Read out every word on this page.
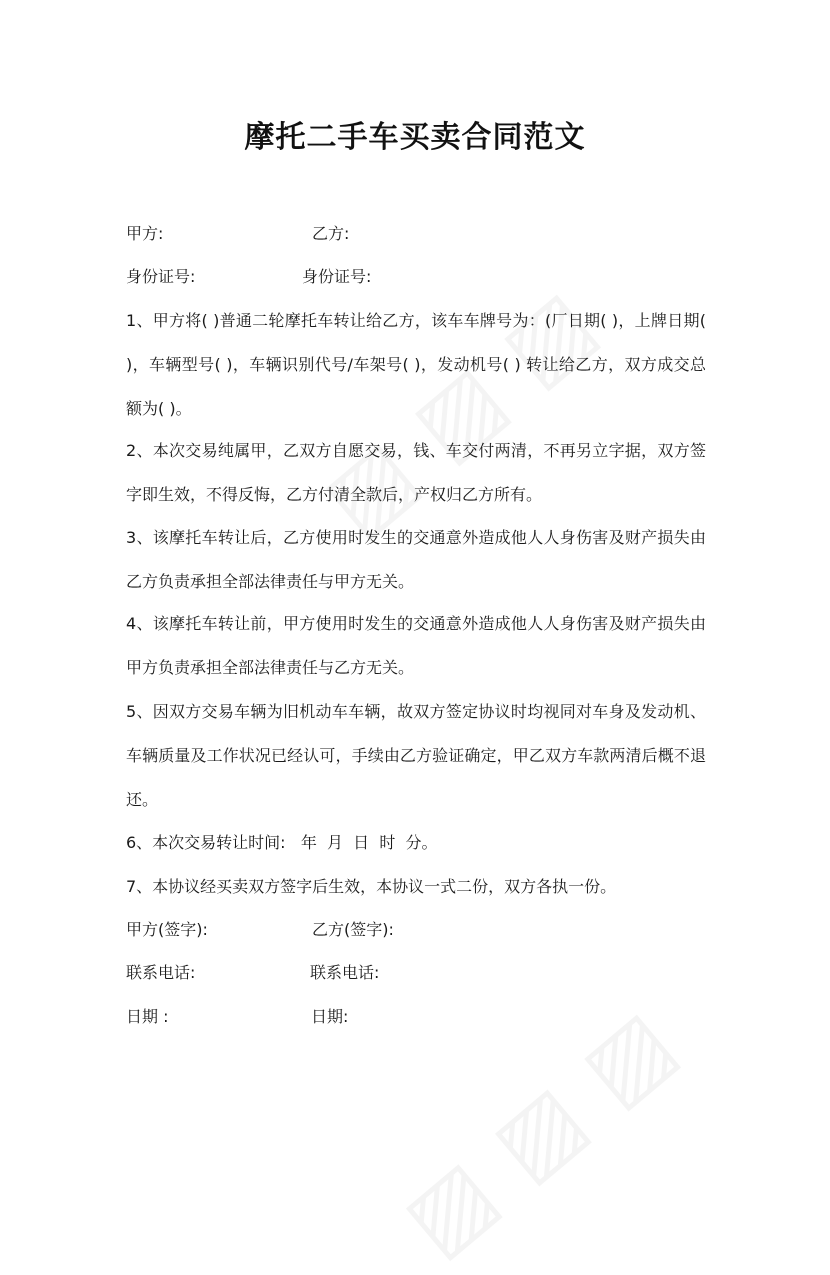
摩托二手车买卖合同范文
甲方:	乙方:
身份证号:	身份证号:
1、甲方将( )普通二轮摩托车转让给乙方，该车车牌号为：(厂日期( )，上牌日期( )，车辆型号( )，车辆识别代号/车架号( )，发动机号( ) 转让给乙方，双方成交总额为( )。
2、本次交易纯属甲，乙双方自愿交易，钱、车交付两清，不再另立字据，双方签字即生效，不得反悔，乙方付清全款后，产权归乙方所有。
3、该摩托车转让后，乙方使用时发生的交通意外造成他人人身伤害及财产损失由乙方负责承担全部法律责任与甲方无关。
4、该摩托车转让前，甲方使用时发生的交通意外造成他人人身伤害及财产损失由甲方负责承担全部法律责任与乙方无关。
5、因双方交易车辆为旧机动车车辆，故双方签定协议时均视同对车身及发动机、车辆质量及工作状况已经认可，手续由乙方验证确定，甲乙双方车款两清后概不退还。
6、本次交易转让时间:   年  月  日  时  分。
7、本协议经买卖双方签字后生效，本协议一式二份，双方各执一份。
甲方(签字):	乙方(签字):
联系电话:	联系电话:
日期 :	日期:
